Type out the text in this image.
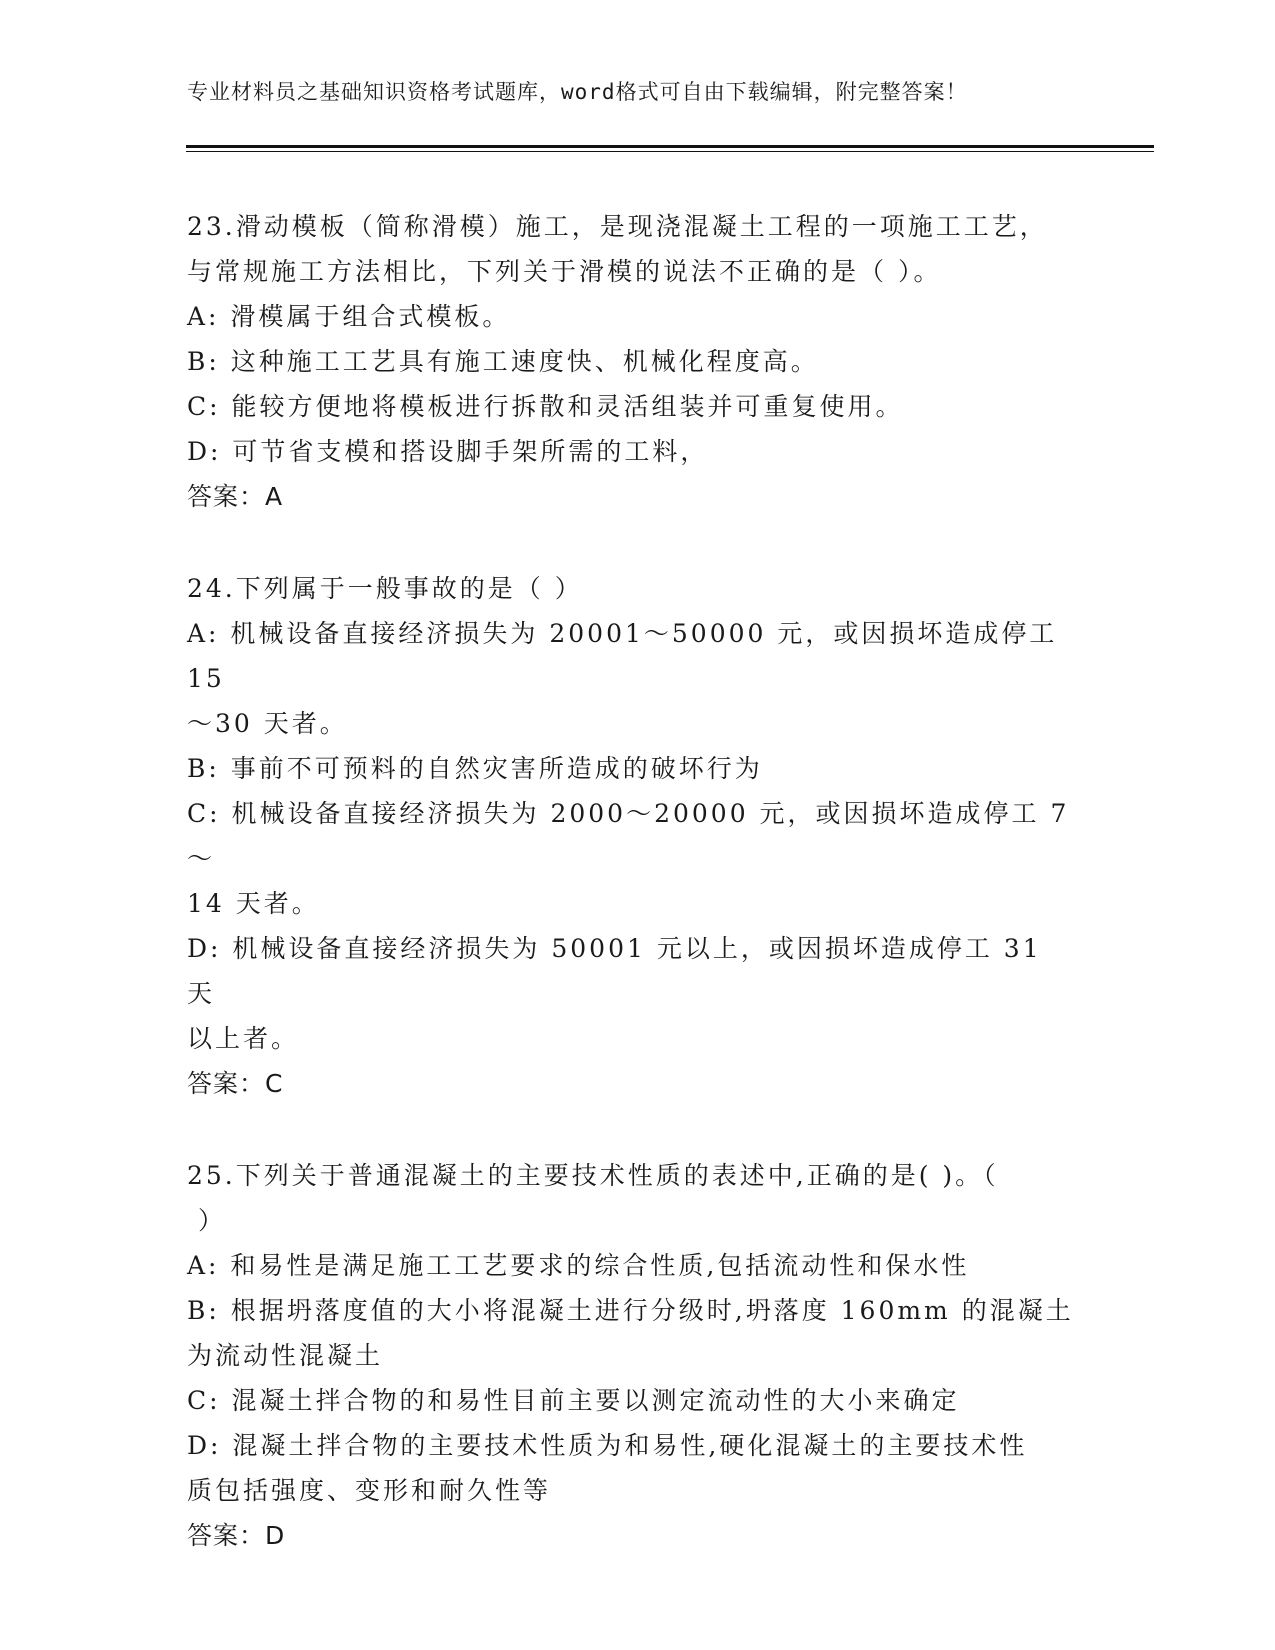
专业材料员之基础知识资格考试题库，word格式可自由下载编辑，附完整答案！
23.滑动模板（简称滑模）施工，是现浇混凝土工程的一项施工工艺，
与常规施工方法相比，下列关于滑模的说法不正确的是（ ）。
A: 滑模属于组合式模板。
B: 这种施工工艺具有施工速度快、机械化程度高。
C: 能较方便地将模板进行拆散和灵活组装并可重复使用。
D: 可节省支模和搭设脚手架所需的工料，
答案：A
24.下列属于一般事故的是（ ）
A: 机械设备直接经济损失为 20001～50000 元，或因损坏造成停工 15
～30 天者。
B: 事前不可预料的自然灾害所造成的破坏行为
C: 机械设备直接经济损失为 2000～20000 元，或因损坏造成停工 7～
14 天者。
D: 机械设备直接经济损失为 50001 元以上，或因损坏造成停工 31 天
以上者。
答案：C
25.下列关于普通混凝土的主要技术性质的表述中,正确的是( )。（
）
A: 和易性是满足施工工艺要求的综合性质,包括流动性和保水性
B: 根据坍落度值的大小将混凝土进行分级时,坍落度 160mm 的混凝土
为流动性混凝土
C: 混凝土拌合物的和易性目前主要以测定流动性的大小来确定
D: 混凝土拌合物的主要技术性质为和易性,硬化混凝土的主要技术性
质包括强度、变形和耐久性等
答案：D
